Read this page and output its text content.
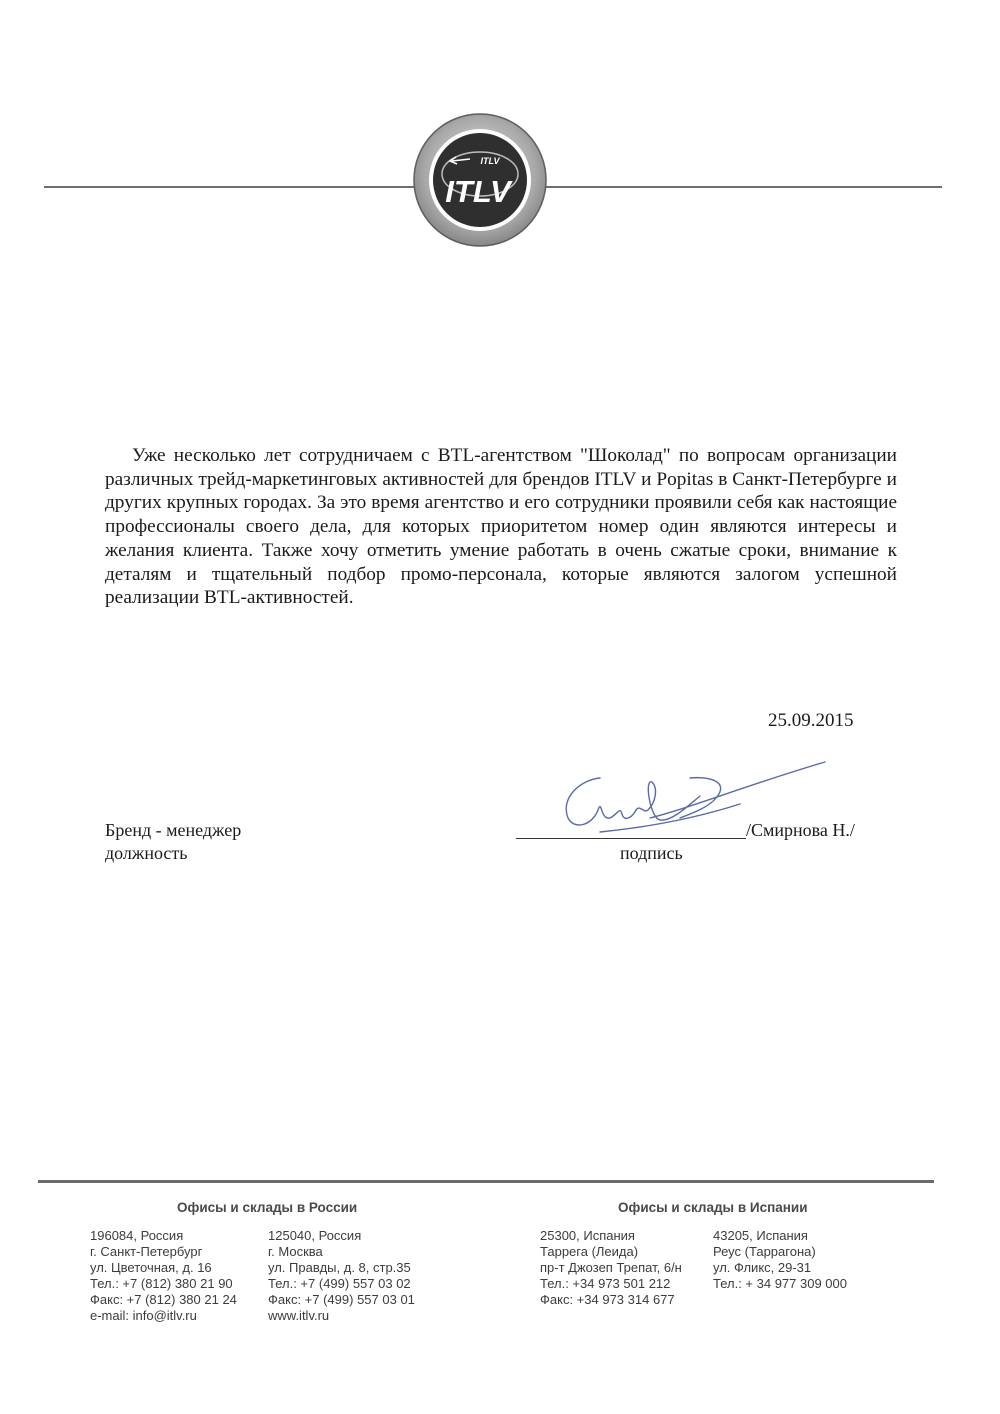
ITLV
ITLV
Уже несколько лет сотрудничаем с BTL-агентством "Шоколад" по вопросам организации различных трейд-маркетинговых активностей для брендов ITLV и Popitas в Санкт-Петербурге и других крупных городах. За это время агентство и его сотрудники проявили себя как настоящие профессионалы своего дела, для которых приоритетом номер один являются интересы и желания клиента. Также хочу отметить умение работать в очень сжатые сроки, внимание к деталям и тщательный подбор промо-персонала, которые являются залогом успешной реализации BTL-активностей.
25.09.2015
Бренд - менеджер
должность
/Смирнова Н./
подпись
Офисы и склады в России	Офисы и склады в Испании
196084, Россия
г. Санкт-Петербург
ул. Цветочная, д. 16
Тел.: +7 (812) 380 21 90
Факс: +7 (812) 380 21 24
e-mail: info@itlv.ru
125040, Россия
г. Москва
ул. Правды, д. 8, стр.35
Тел.: +7 (499) 557 03 02
Факс: +7 (499) 557 03 01
www.itlv.ru
25300, Испания
Таррега (Леида)
пр-т Джозеп Трепат, 6/н
Тел.: +34 973 501 212
Факс: +34 973 314 677
43205, Испания
Реус (Таррагона)
ул. Фликс, 29-31
Тел.: + 34 977 309 000
